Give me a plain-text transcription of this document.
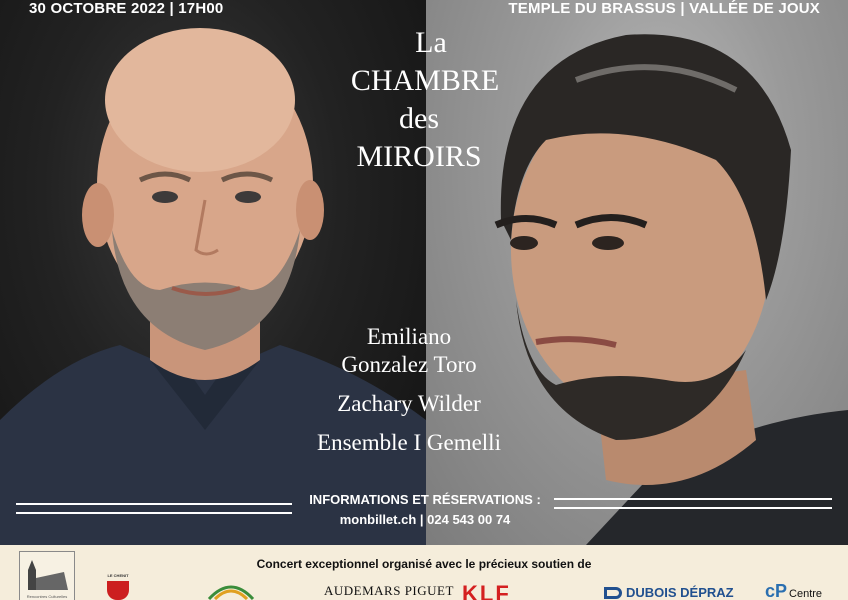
30 OCTOBRE 2022 | 17H00	TEMPLE DU BRASSUS | VALLÉE DE JOUX
La
CHAMBRE
des
MIROIRS
Emiliano
Gonzalez Toro
Zachary Wilder
Ensemble I Gemelli
INFORMATIONS ET RÉSERVATIONS :
monbillet.ch | 024 543 00 74
Concert exceptionnel organisé avec le précieux soutien de
Rencontres Culturelles
LE CHENIT
AUDEMARS PIGUET KLF	DUBOIS DÉPRAZ cP Centre
